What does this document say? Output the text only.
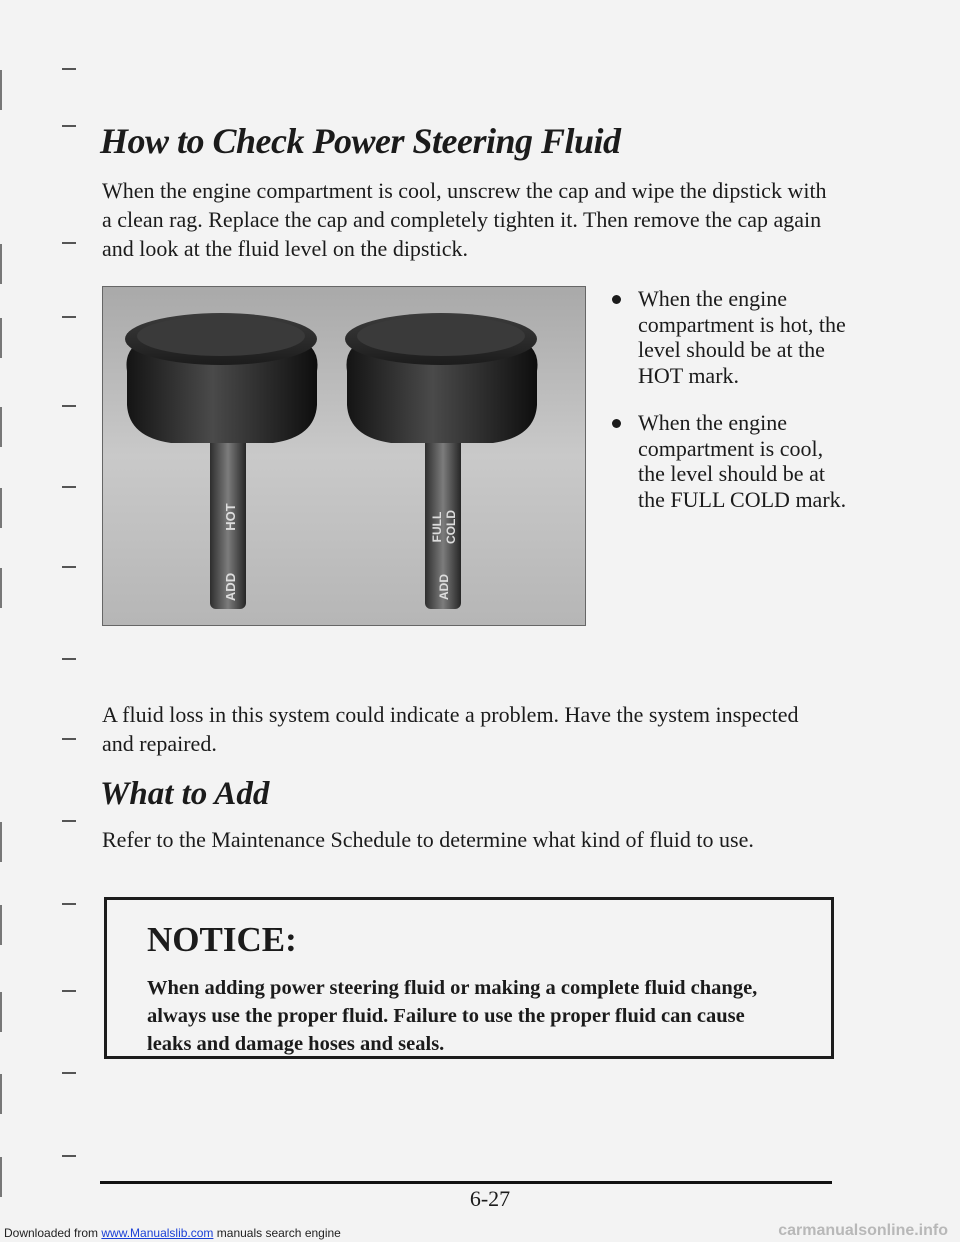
How to Check Power Steering Fluid

When the engine compartment is cool, unscrew the cap and wipe the dipstick with a clean rag. Replace the cap and completely tighten it. Then remove the cap again and look at the fluid level on the dipstick.

HOT
ADD
FULL COLD
ADD
When the engine compartment is hot, the level should be at the HOT mark.
When the engine compartment is cool, the level should be at the FULL COLD mark.

A fluid loss in this system could indicate a problem. Have the system inspected and repaired.

What to Add

Refer to the Maintenance Schedule to determine what kind of fluid to use.

NOTICE:

When adding power steering fluid or making a complete fluid change, always use the proper fluid. Failure to use the proper fluid can cause leaks and damage hoses and seals.

6-27
Downloaded from www.Manualslib.com manuals search engine	carmanualsonline.info
